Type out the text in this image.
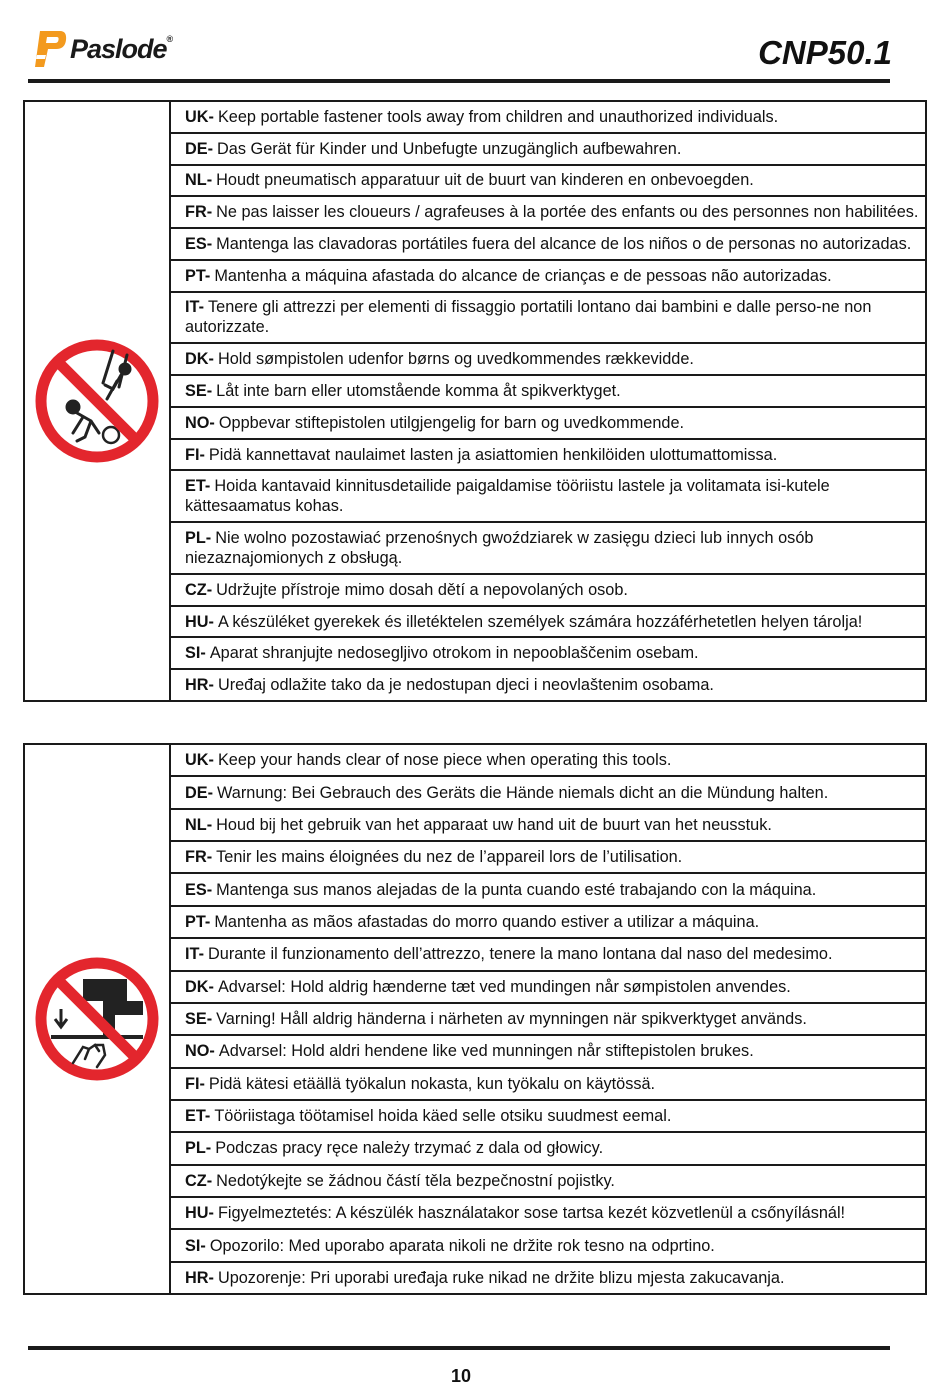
Paslode®	CNP50.1
UK- Keep portable fastener tools away from children and unauthorized individuals.
DE- Das Gerät für Kinder und Unbefugte unzugänglich aufbewahren.
NL- Houdt pneumatisch apparatuur uit de buurt van kinderen en onbevoegden.
FR- Ne pas laisser les cloueurs / agrafeuses à la portée des enfants ou des personnes non habilitées.
ES- Mantenga las clavadoras portátiles fuera del alcance de los niños o de personas no autorizadas.
PT- Mantenha a máquina afastada do alcance de crianças e de pessoas não autorizadas.
IT- Tenere gli attrezzi per elementi di fissaggio portatili lontano dai bambini e dalle perso-ne non autorizzate.
DK- Hold sømpistolen udenfor børns og uvedkommendes rækkevidde.
SE- Låt inte barn eller utomstående komma åt spikverktyget.
NO- Oppbevar stiftepistolen utilgjengelig for barn og uvedkommende.
FI- Pidä kannettavat naulaimet lasten ja asiattomien henkilöiden ulottumattomissa.
ET- Hoida kantavaid kinnitusdetailide paigaldamise tööriistu lastele ja volitamata isi-kutele kättesaamatus kohas.
PL- Nie wolno pozostawiać przenośnych gwoździarek w zasięgu dzieci lub innych osób niezaznajomionych z obsługą.
CZ- Udržujte přístroje mimo dosah dětí a nepovolaných osob.
HU- A készüléket gyerekek és illetéktelen személyek számára hozzáférhetetlen helyen tárolja!
SI- Aparat shranjujte nedosegljivo otrokom in nepooblaščenim osebam.
HR- Uređaj odlažite tako da je nedostupan djeci i neovlaštenim osobama.
UK- Keep your hands clear of nose piece when operating this tools.
DE- Warnung: Bei Gebrauch des Geräts die Hände niemals dicht an die Mündung halten.
NL- Houd bij het gebruik van het apparaat uw hand uit de buurt van het neusstuk.
FR- Tenir les mains éloignées du nez de l’appareil lors de l’utilisation.
ES- Mantenga sus manos alejadas de la punta cuando esté trabajando con la máquina.
PT- Mantenha as mãos afastadas do morro quando estiver a utilizar a máquina.
IT- Durante il funzionamento dell’attrezzo, tenere la mano lontana dal naso del medesimo.
DK- Advarsel: Hold aldrig hænderne tæt ved mundingen når sømpistolen anvendes.
SE- Varning! Håll aldrig händerna i närheten av mynningen när spikverktyget används.
NO- Advarsel: Hold aldri hendene like ved munningen når stiftepistolen brukes.
FI- Pidä kätesi etäällä työkalun nokasta, kun työkalu on käytössä.
ET- Tööriistaga töötamisel hoida käed selle otsiku suudmest eemal.
PL- Podczas pracy ręce należy trzymać z dala od głowicy.
CZ- Nedotýkejte se žádnou částí těla bezpečnostní pojistky.
HU- Figyelmeztetés: A készülék használatakor sose tartsa kezét közvetlenül a csőnyílásnál!
SI- Opozorilo: Med uporabo aparata nikoli ne držite rok tesno na odprtino.
HR- Upozorenje: Pri uporabi uređaja ruke nikad ne držite blizu mjesta zakucavanja.
10
